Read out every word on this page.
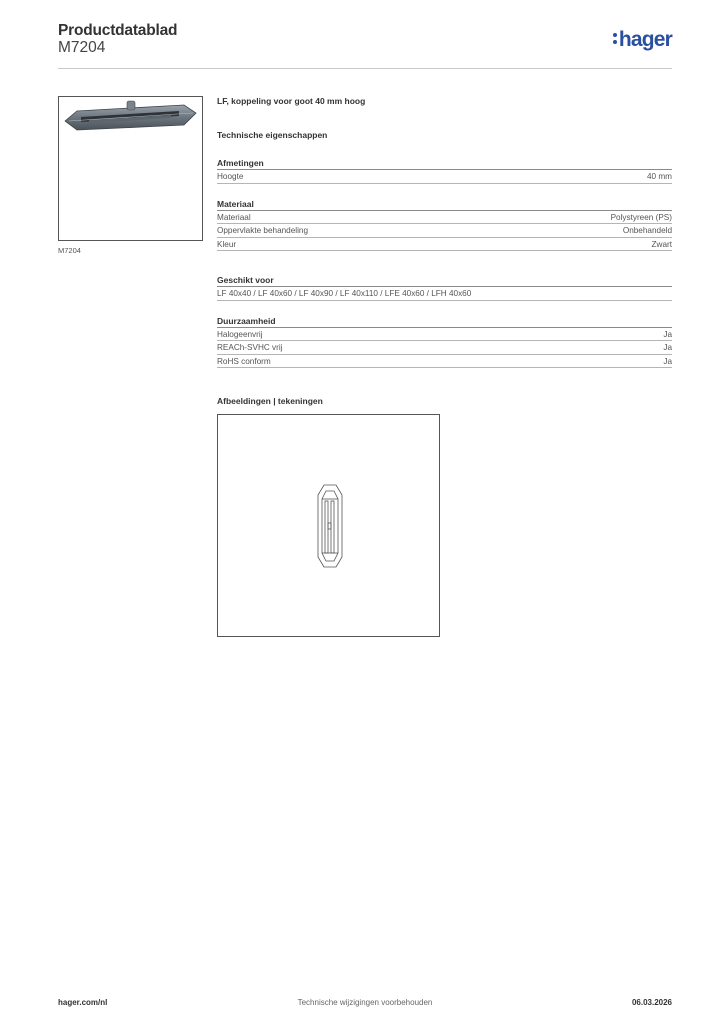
Productdatablad
M7204	hager
M7204
LF, koppeling voor goot 40 mm hoog
Technische eigenschappen
Afmetingen
Hoogte	40 mm
Materiaal
Materiaal	Polystyreen (PS)
Oppervlakte behandeling	Onbehandeld
Kleur	Zwart
Geschikt voor
LF 40x40 / LF 40x60 / LF 40x90 / LF 40x110 / LFE 40x60 / LFH 40x60
Duurzaamheid
Halogeenvrij	Ja
REACh-SVHC vrij	Ja
RoHS conform	Ja
Afbeeldingen | tekeningen
hager.com/nl	Technische wijzigingen voorbehouden	06.03.2026
